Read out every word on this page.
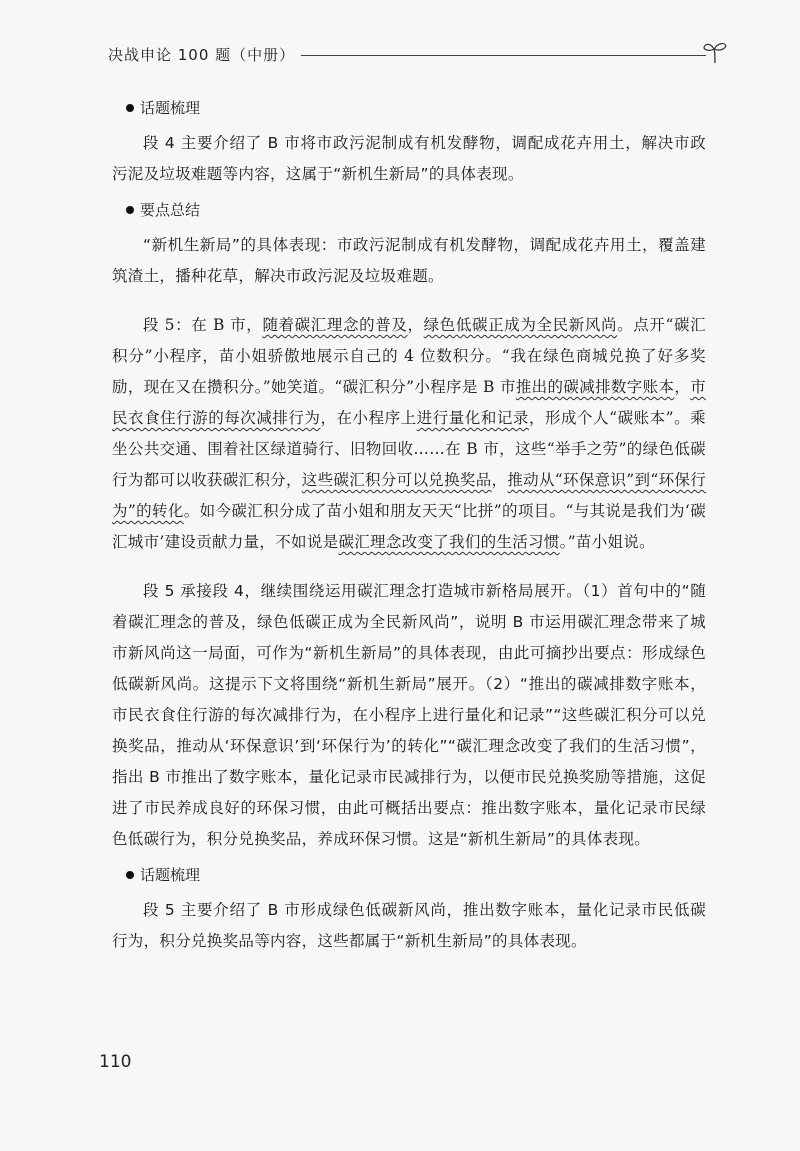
决战申论 100 题（中册）
话题梳理

段 4 主要介绍了 B 市将市政污泥制成有机发酵物，调配成花卉用土，解决市政污泥及垃圾难题等内容，这属于“新机生新局”的具体表现。

要点总结

“新机生新局”的具体表现：市政污泥制成有机发酵物，调配成花卉用土，覆盖建筑渣土，播种花草，解决市政污泥及垃圾难题。

段 5：在 B 市，随着碳汇理念的普及，绿色低碳正成为全民新风尚。点开“碳汇积分”小程序，苗小姐骄傲地展示自己的 4 位数积分。“我在绿色商城兑换了好多奖励，现在又在攒积分。”她笑道。“碳汇积分”小程序是 B 市推出的碳减排数字账本，市民衣食住行游的每次减排行为，在小程序上进行量化和记录，形成个人“碳账本”。乘坐公共交通、围着社区绿道骑行、旧物回收……在 B 市，这些“举手之劳”的绿色低碳行为都可以收获碳汇积分，这些碳汇积分可以兑换奖品，推动从“环保意识”到“环保行为”的转化。如今碳汇积分成了苗小姐和朋友天天“比拼”的项目。“与其说是我们为‘碳汇城市’建设贡献力量，不如说是碳汇理念改变了我们的生活习惯。”苗小姐说。

段 5 承接段 4，继续围绕运用碳汇理念打造城市新格局展开。（1）首句中的“随着碳汇理念的普及，绿色低碳正成为全民新风尚”，说明 B 市运用碳汇理念带来了城市新风尚这一局面，可作为“新机生新局”的具体表现，由此可摘抄出要点：形成绿色低碳新风尚。这提示下文将围绕“新机生新局”展开。（2）“推出的碳减排数字账本，市民衣食住行游的每次减排行为，在小程序上进行量化和记录”“这些碳汇积分可以兑换奖品，推动从‘环保意识’到‘环保行为’的转化”“碳汇理念改变了我们的生活习惯”，指出 B 市推出了数字账本，量化记录市民减排行为，以便市民兑换奖励等措施，这促进了市民养成良好的环保习惯，由此可概括出要点：推出数字账本，量化记录市民绿色低碳行为，积分兑换奖品，养成环保习惯。这是“新机生新局”的具体表现。

话题梳理

段 5 主要介绍了 B 市形成绿色低碳新风尚，推出数字账本，量化记录市民低碳行为，积分兑换奖品等内容，这些都属于“新机生新局”的具体表现。

110
